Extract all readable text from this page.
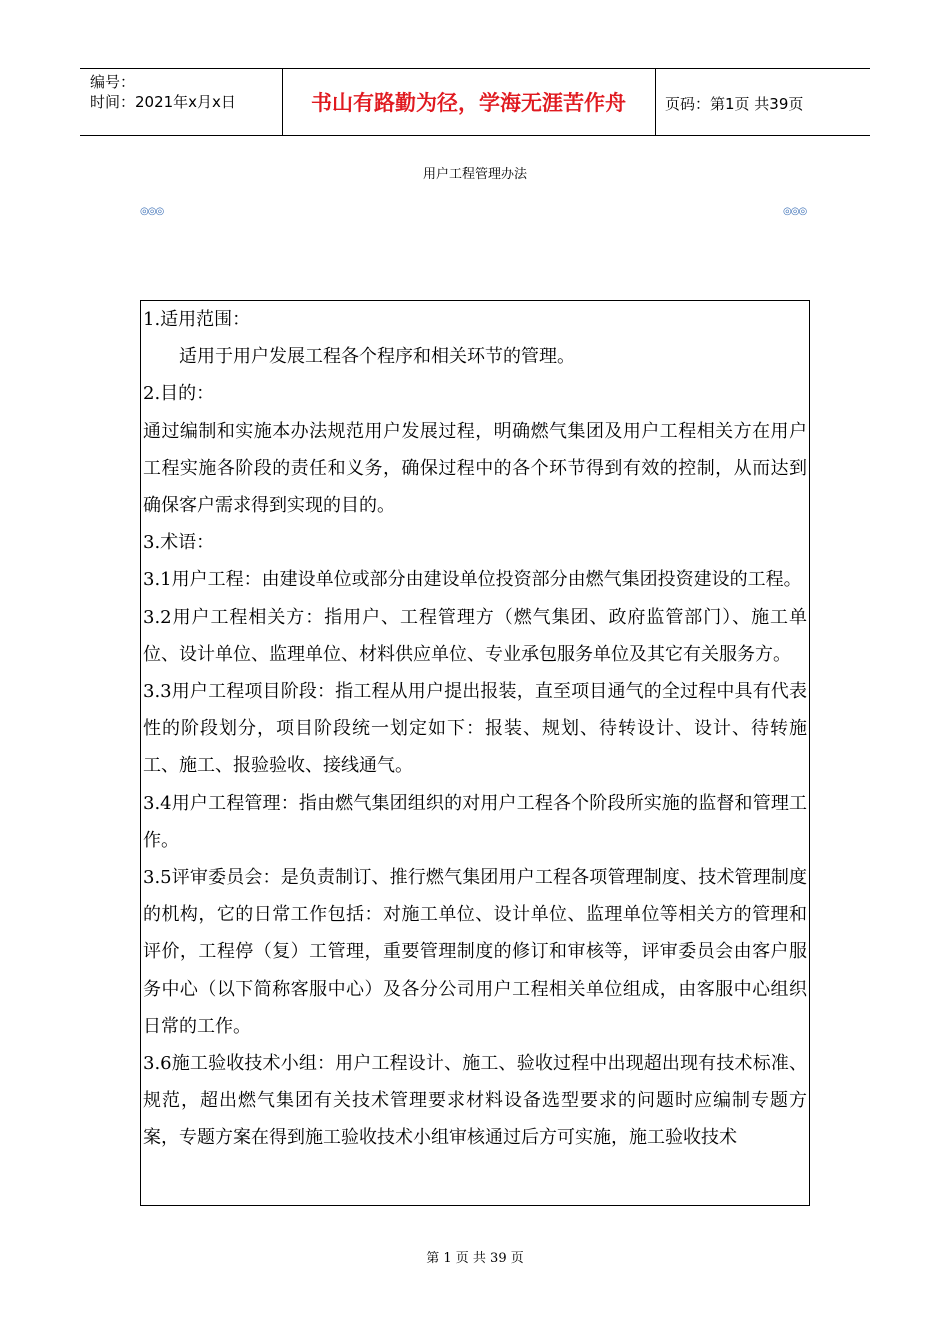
编号：
时间：2021年x月x日	书山有路勤为径，学海无涯苦作舟	页码：第1页 共39页
用户工程管理办法
◎◎◎	◎◎◎

1.适用范围：

适用于用户发展工程各个程序和相关环节的管理。

2.目的：

通过编制和实施本办法规范用户发展过程，明确燃气集团及用户工程相关方在用户工程实施各阶段的责任和义务，确保过程中的各个环节得到有效的控制，从而达到确保客户需求得到实现的目的。

3.术语：

3.1用户工程：由建设单位或部分由建设单位投资部分由燃气集团投资建设的工程。

3.2用户工程相关方：指用户、工程管理方（燃气集团、政府监管部门）、施工单位、设计单位、监理单位、材料供应单位、专业承包服务单位及其它有关服务方。

3.3用户工程项目阶段：指工程从用户提出报装，直至项目通气的全过程中具有代表性的阶段划分，项目阶段统一划定如下：报装、规划、待转设计、设计、待转施工、施工、报验验收、接线通气。

3.4用户工程管理：指由燃气集团组织的对用户工程各个阶段所实施的监督和管理工作。

3.5评审委员会：是负责制订、推行燃气集团用户工程各项管理制度、技术管理制度的机构，它的日常工作包括：对施工单位、设计单位、监理单位等相关方的管理和评价，工程停（复）工管理，重要管理制度的修订和审核等，评审委员会由客户服务中心（以下简称客服中心）及各分公司用户工程相关单位组成，由客服中心组织日常的工作。

3.6施工验收技术小组：用户工程设计、施工、验收过程中出现超出现有技术标准、规范，超出燃气集团有关技术管理要求材料设备选型要求的问题时应编制专题方案，专题方案在得到施工验收技术小组审核通过后方可实施，施工验收技术

第 1 页 共 39 页
